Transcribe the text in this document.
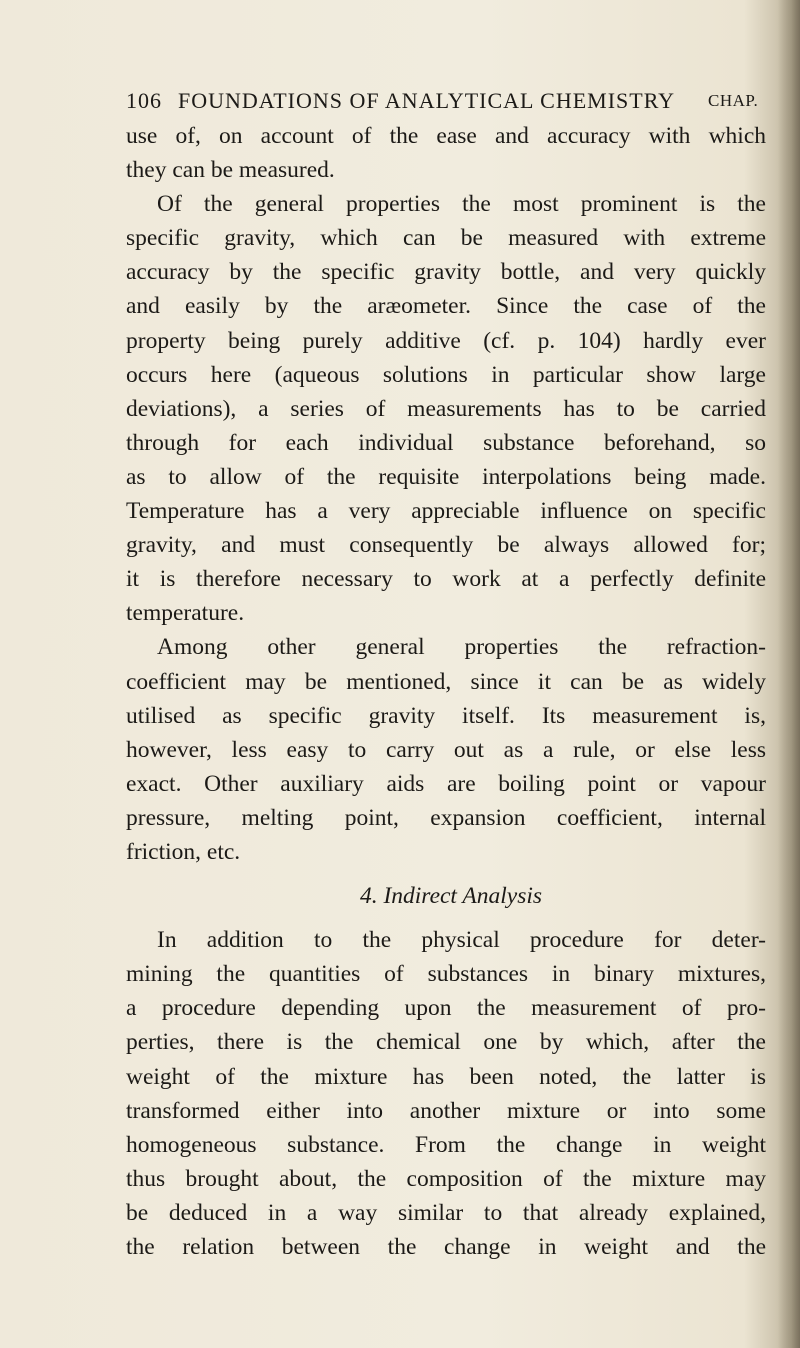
106 FOUNDATIONS OF ANALYTICAL CHEMISTRY CHAP.
use of, on account of the ease and accuracy with which
they can be measured.
Of the general properties the most prominent is the
specific gravity, which can be measured with extreme
accuracy by the specific gravity bottle, and very quickly
and easily by the aræometer. Since the case of the
property being purely additive (cf. p. 104) hardly ever
occurs here (aqueous solutions in particular show large
deviations), a series of measurements has to be carried
through for each individual substance beforehand, so
as to allow of the requisite interpolations being made.
Temperature has a very appreciable influence on specific
gravity, and must consequently be always allowed for;
it is therefore necessary to work at a perfectly definite
temperature.
Among other general properties the refraction-
coefficient may be mentioned, since it can be as widely
utilised as specific gravity itself. Its measurement is,
however, less easy to carry out as a rule, or else less
exact. Other auxiliary aids are boiling point or vapour
pressure, melting point, expansion coefficient, internal
friction, etc.
4. Indirect Analysis
In addition to the physical procedure for deter-
mining the quantities of substances in binary mixtures,
a procedure depending upon the measurement of pro-
perties, there is the chemical one by which, after the
weight of the mixture has been noted, the latter is
transformed either into another mixture or into some
homogeneous substance. From the change in weight
thus brought about, the composition of the mixture may
be deduced in a way similar to that already explained,
the relation between the change in weight and the
